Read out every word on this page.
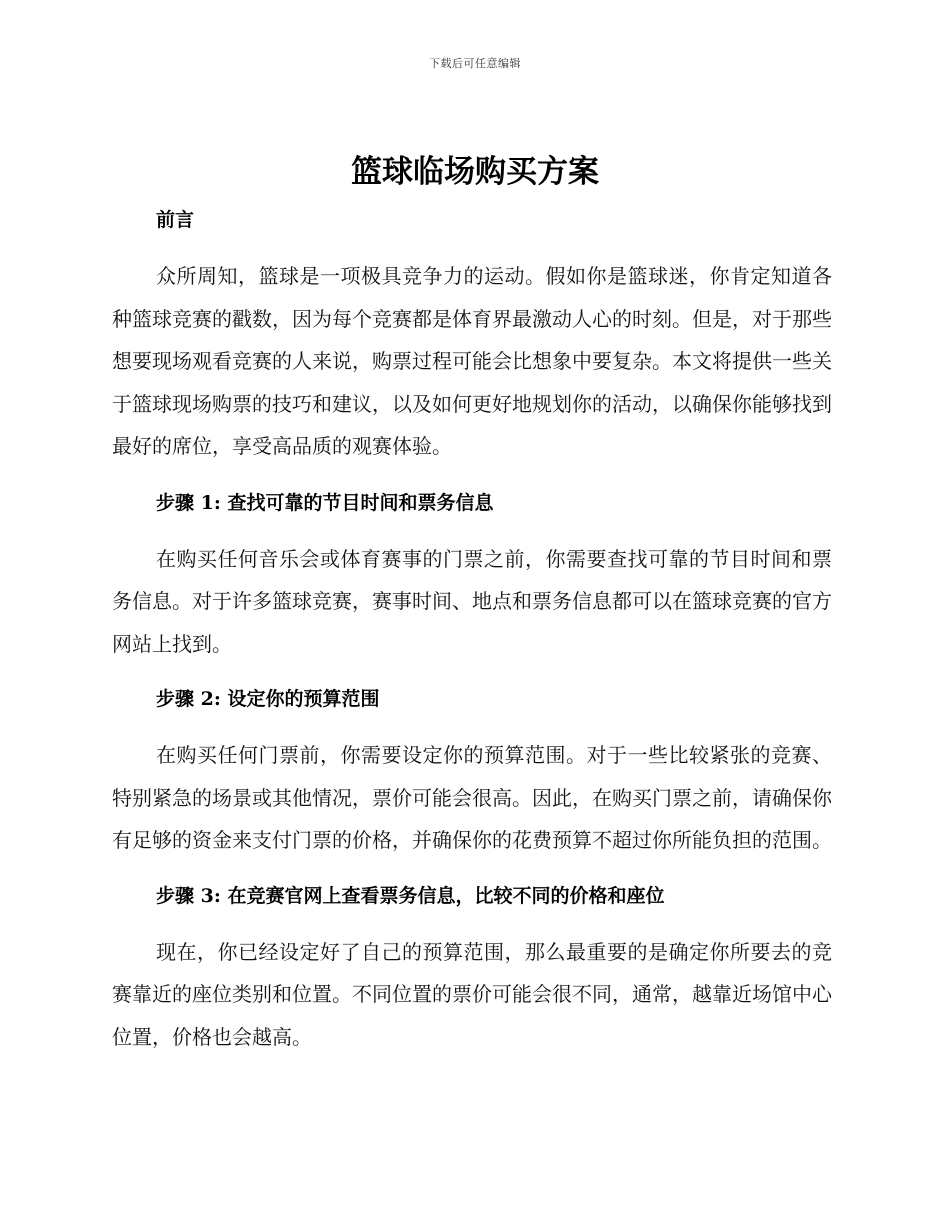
下载后可任意编辑
篮球临场购买方案
前言

众所周知，篮球是一项极具竞争力的运动。假如你是篮球迷，你肯定知道各种篮球竞赛的戳数，因为每个竞赛都是体育界最激动人心的时刻。但是，对于那些想要现场观看竞赛的人来说，购票过程可能会比想象中要复杂。本文将提供一些关于篮球现场购票的技巧和建议，以及如何更好地规划你的活动，以确保你能够找到最好的席位，享受高品质的观赛体验。

步骤 1: 查找可靠的节目时间和票务信息

在购买任何音乐会或体育赛事的门票之前，你需要查找可靠的节目时间和票务信息。对于许多篮球竞赛，赛事时间、地点和票务信息都可以在篮球竞赛的官方网站上找到。

步骤 2: 设定你的预算范围

在购买任何门票前，你需要设定你的预算范围。对于一些比较紧张的竞赛、特别紧急的场景或其他情况，票价可能会很高。因此，在购买门票之前，请确保你有足够的资金来支付门票的价格，并确保你的花费预算不超过你所能负担的范围。

步骤 3: 在竞赛官网上查看票务信息，比较不同的价格和座位

现在，你已经设定好了自己的预算范围，那么最重要的是确定你所要去的竞赛靠近的座位类别和位置。不同位置的票价可能会很不同，通常，越靠近场馆中心位置，价格也会越高。
